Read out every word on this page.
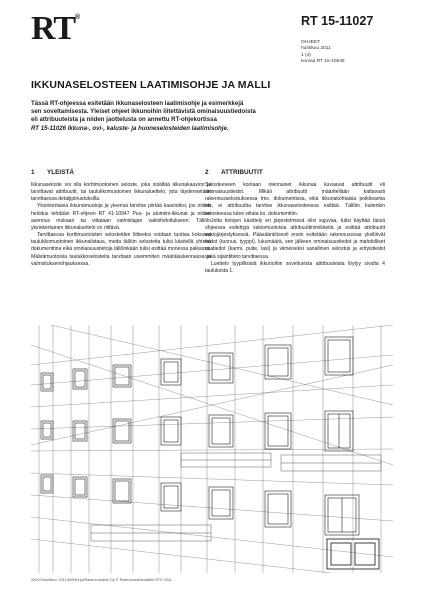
RT®	RT 15-11027
OHJEET
huhtikuu 2011
1 (4)
korvaa RT 15-10648
IKKUNASELOSTEEN LAATIMISOHJE JA MALLI

Tässä RT-ohjeessa esitetään ikkunaselosteen laatimisohje ja esimerkkejä

sen soveltamisesta. Yleiset ohjeet ikkunoihin liitettävistä ominaisuustiedoista

eli attribuuteista ja niiden jaottelusta on annettu RT-ohjekortissa

RT 15-11026 Ikkuna-, ovi-, kaluste- ja huoneselosteiden laatimisohje.

1 YLEISTÄ	2 ATTRIBUUTIT

Ikkunaseloste voi olla korttimuotoinen seloste, joka sisältää ikkunakaavion ja tarvittavat attribuutit, tai taulukkomuotoinen ikkunaluettelo, jota täydennetään tarvittaessa detaljipiirustuksilla.

Yksinkertaisia ikkunamuotoja ja yleensä tarvitse piirtää kaavioiksi, jos niiden heloitus tehdään RT-ohjeen RT 41-10947 Puu- ja alumiini-ikkunat ja niiden asennus mukaan tai viitataan valmistajan vakioheloitukseen. Tällöin yksinkertainen ikkunaluettelo on riittävä.

Tarvittaessa korttimuotoisten selosteiden liitteeksi voidaan tuottaa kokoava taulukkomuotoinen ikkunalistaus, mutta tällöin selosteita tulisi käsitellä yhtenä dokumenttina eikä ominaisuustietoja tällöinkään tulisi esittää monessa paikassa. Määrämuotoisia taulukkoselosteita tarvitaan useimmiten määrälaskennassa ja valmistuksenohjauksessa.

Selosteeseen kootaan olennaiset ikkunaa kuvaavat attribuutit eli ominaisuustiedot. Mikäli attribuutti määritellään kattavasti rakennusselostuksessa tms. dokumentissa, eikä ikkunakohtaisia poikkeamia ole, ei attribuuttia tarvitse ikkunaselosteessa esittää. Tällöin kuitenkin selosteessa tulee viitata ko. dokumenttiin.

Jotta tietojen käsittely eri järjestelmissä olisi sujuvaa, tulisi käyttää tässä ohjeessa esitettyjä vakiomuotoisia attribuuttinimikkeitä ja esittää attribuutit vakiojärjestyksessä. Pääsääntöisesti ensin esitetään rakennusosaa yksilöivät tiedot (tunnus, tyyppi), lukumäärä, sen jälkeen ominaisuustiedot ja mahdolliset osatiedot (karmi, puite, lasi) ja viimeiseksi sanallinen selostus ja erityistiedot sekä sijaintitieto tarvittaessa.

Luettelo tyypillisistä ikkunoihin soveltuvista attribuuteista löytyy sivulta 4 taulukosta 1.

SKN/1/huhtikuu 2011/800/Kirjoi/Rakennustieto Oy © Rakennustietosäätiö RTS 2011
